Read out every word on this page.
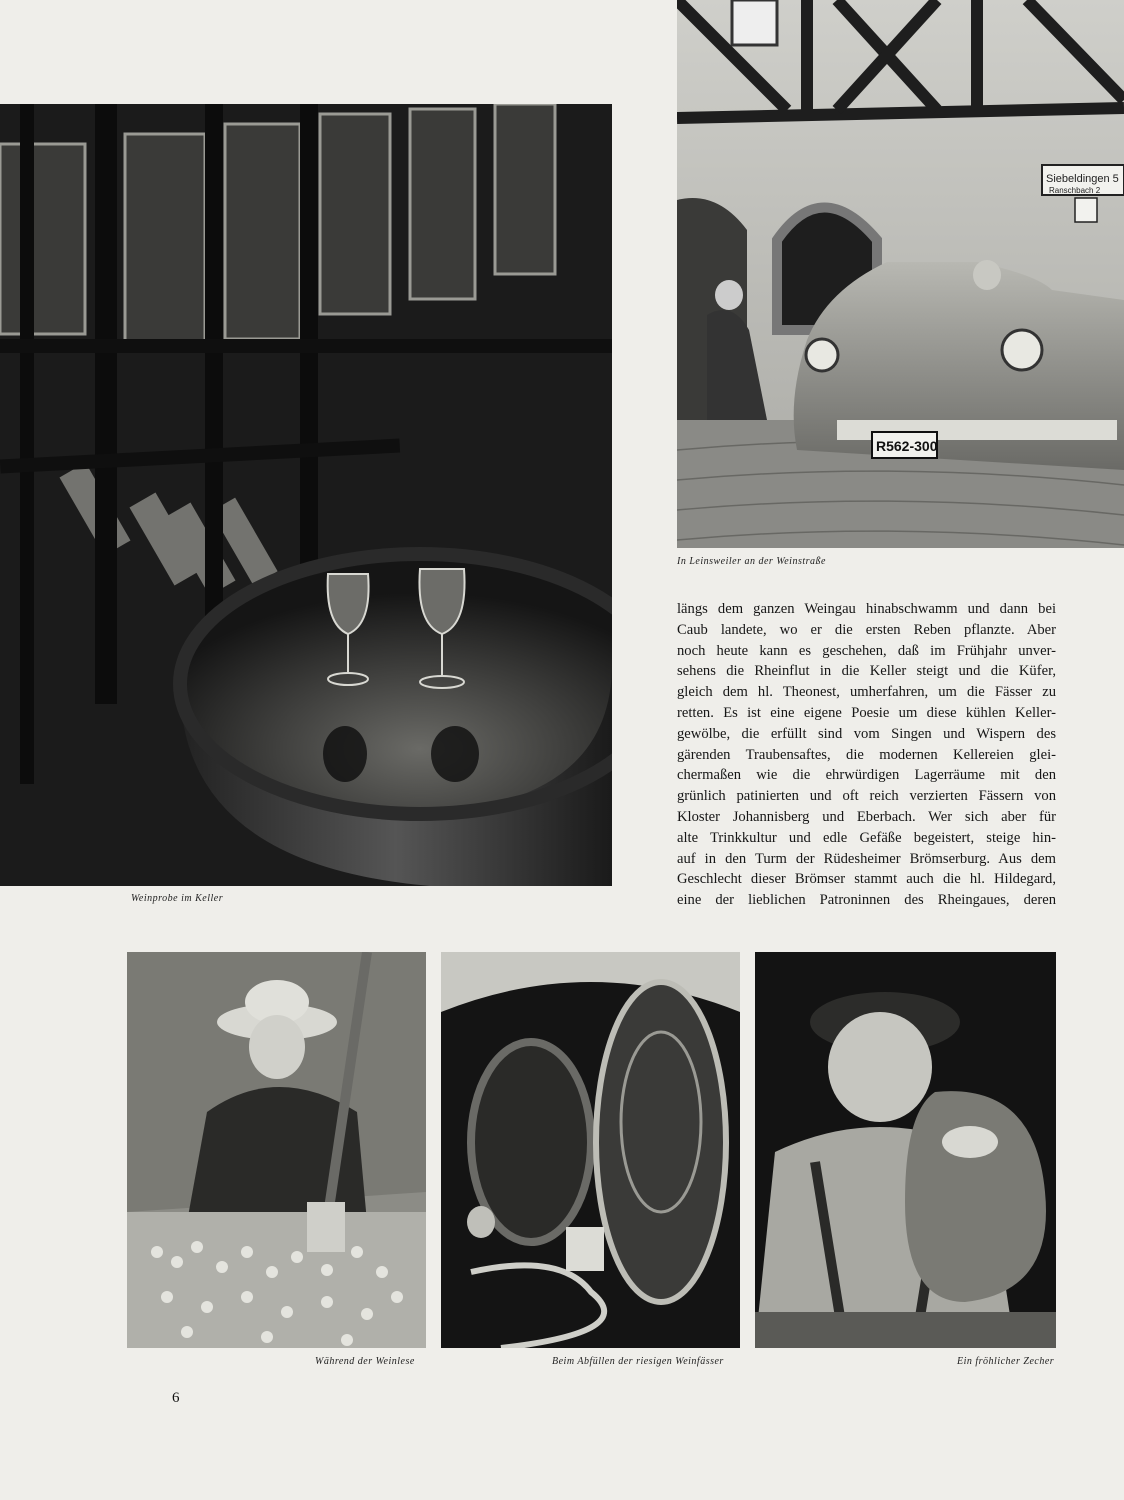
Weinprobe im Keller
Siebeldingen 5
Ranschbach 2
R562-300
In Leinsweiler an der Weinstraße
längs dem ganzen Weingau hinabschwamm und dann bei
Caub landete, wo er die ersten Reben pflanzte. Aber
noch heute kann es geschehen, daß im Frühjahr unver-
sehens die Rheinflut in die Keller steigt und die Küfer,
gleich dem hl. Theonest, umherfahren, um die Fässer zu
retten. Es ist eine eigene Poesie um diese kühlen Keller-
gewölbe, die erfüllt sind vom Singen und Wispern des
gärenden Traubensaftes, die modernen Kellereien glei-
chermaßen wie die ehrwürdigen Lagerräume mit den
grünlich patinierten und oft reich verzierten Fässern von
Kloster Johannisberg und Eberbach. Wer sich aber für
alte Trinkkultur und edle Gefäße begeistert, steige hin-
auf in den Turm der Rüdesheimer Brömserburg. Aus dem
Geschlecht dieser Brömser stammt auch die hl. Hildegard,
eine der lieblichen Patroninnen des Rheingaues, deren
Während der Weinlese	Beim Abfüllen der riesigen Weinfässer	Ein fröhlicher Zecher
6
